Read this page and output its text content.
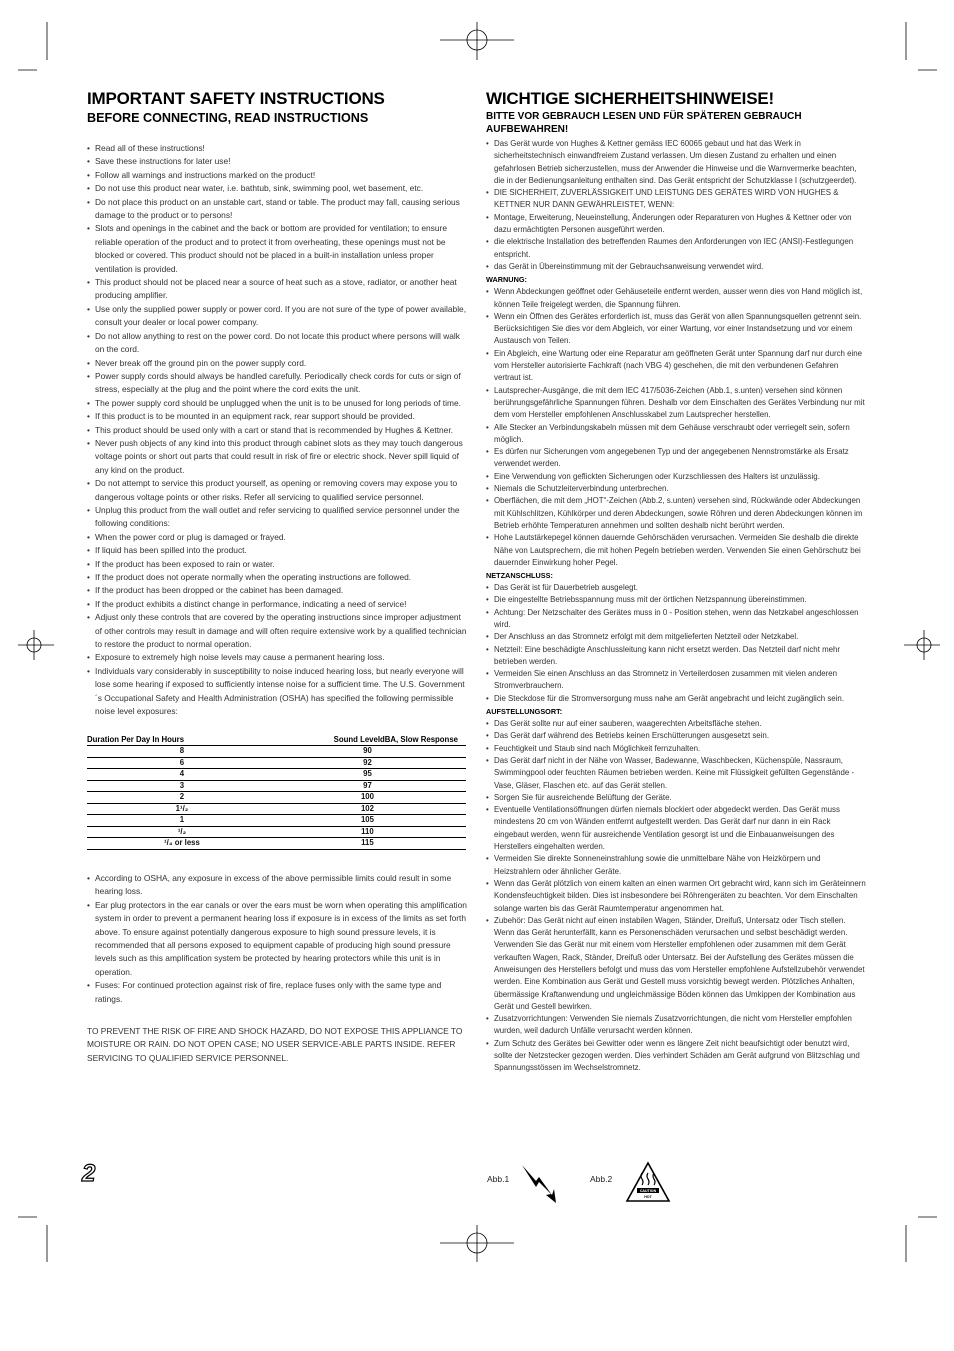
IMPORTANT SAFETY INSTRUCTIONS
BEFORE CONNECTING, READ INSTRUCTIONS
• Read all of these instructions!
• Save these instructions for later use!
• Follow all warnings and instructions marked on the product!
• Do not use this product near water, i.e. bathtub, sink, swimming pool, wet basement, etc.
• Do not place this product on an unstable cart, stand or table. The product may fall, causing serious damage to the product or to persons!
• Slots and openings in the cabinet and the back or bottom are provided for ventilation; to ensure reliable operation of the product and to protect it from overheating, these openings must not be blocked or covered. This product should not be placed in a built-in installation unless proper ventilation is provided.
• This product should not be placed near a source of heat such as a stove, radiator, or another heat producing amplifier.
• Use only the supplied power supply or power cord. If you are not sure of the type of power available, consult your dealer or local power company.
• Do not allow anything to rest on the power cord. Do not locate this product where persons will walk on the cord.
• Never break off the ground pin on the power supply cord.
• Power supply cords should always be handled carefully. Periodically check cords for cuts or sign of stress, especially at the plug and the point where the cord exits the unit.
• The power supply cord should be unplugged when the unit is to be unused for long periods of time.
• If this product is to be mounted in an equipment rack, rear support should be provided.
• This product should be used only with a cart or stand that is recommended by Hughes & Kettner.
• Never push objects of any kind into this product through cabinet slots as they may touch dangerous voltage points or short out parts that could result in risk of fire or electric shock. Never spill liquid of any kind on the product.
• Do not attempt to service this product yourself, as opening or removing covers may expose you to dangerous voltage points or other risks. Refer all servicing to qualified service personnel.
• Unplug this product from the wall outlet and refer servicing to qualified service personnel under the following conditions:
• When the power cord or plug is damaged or frayed.
• If liquid has been spilled into the product.
• If the product has been exposed to rain or water.
• If the product does not operate normally when the operating instructions are followed.
• If the product has been dropped or the cabinet has been damaged.
• If the product exhibits a distinct change in performance, indicating a need of service!
• Adjust only these controls that are covered by the operating instructions since improper adjustment of other controls may result in damage and will often require extensive work by a qualified technician to restore the product to normal operation.
• Exposure to extremely high noise levels may cause a permanent hearing loss.
• Individuals vary considerably in susceptibility to noise induced hearing loss, but nearly everyone will lose some hearing if exposed to sufficiently intense noise for a sufficient time. The U.S. Government´s Occupational Safety and Health Administration (OSHA) has specified the following permissible noise level exposures:
Duration Per Day In Hours	Sound LeveldBA, Slow Response
8	90
6	92
4	95
3	97
2	100
1¹/₂	102
1	105
¹/₂	110
¹/₄ or less	115
• According to OSHA, any exposure in excess of the above permissible limits could result in some hearing loss.
• Ear plug protectors in the ear canals or over the ears must be worn when operating this amplification system in order to prevent a permanent hearing loss if exposure is in excess of the limits as set forth above. To ensure against potentially dangerous exposure to high sound pressure levels, it is recommended that all persons exposed to equipment capable of producing high sound pressure levels such as this amplification system be protected by hearing protectors while this unit is in operation.
• Fuses: For continued protection against risk of fire, replace fuses only with the same type and ratings.
TO PREVENT THE RISK OF FIRE AND SHOCK HAZARD, DO NOT EXPOSE THIS APPLIANCE TO MOISTURE OR RAIN. DO NOT OPEN CASE; NO USER SERVICE-ABLE PARTS INSIDE. REFER SERVICING TO QUALIFIED SERVICE PERSONNEL.
WICHTIGE SICHERHEITSHINWEISE!
BITTE VOR GEBRAUCH LESEN UND FÜR SPÄTEREN GEBRAUCH AUFBEWAHREN!
• Das Gerät wurde von Hughes & Kettner gemäss IEC 60065 gebaut und hat das Werk in sicherheitstechnisch einwandfreiem Zustand verlassen. Um diesen Zustand zu erhalten und einen gefahrlosen Betrieb sicherzustellen, muss der Anwender die Hinweise und die Warnvermerke beachten, die in der Bedienungsanleitung enthalten sind. Das Gerät entspricht der Schutzklasse I (schutzgeerdet).
• DIE SICHERHEIT, ZUVERLÄSSIGKEIT UND LEISTUNG DES GERÄTES WIRD VON HUGHES & KETTNER NUR DANN GEWÄHRLEISTET, WENN:
• Montage, Erweiterung, Neueinstellung, Änderungen oder Reparaturen von Hughes & Kettner oder von dazu ermächtigten Personen ausgeführt werden.
• die elektrische Installation des betreffenden Raumes den Anforderungen von IEC (ANSI)-Festlegungen entspricht.
• das Gerät in Übereinstimmung mit der Gebrauchsanweisung verwendet wird.
WARNUNG:
• Wenn Abdeckungen geöffnet oder Gehäuseteile entfernt werden, ausser wenn dies von Hand möglich ist, können Teile freigelegt werden, die Spannung führen.
• Wenn ein Öffnen des Gerätes erforderlich ist, muss das Gerät von allen Spannungsquellen getrennt sein. Berücksichtigen Sie dies vor dem Abgleich, vor einer Wartung, vor einer Instandsetzung und vor einem Austausch von Teilen.
• Ein Abgleich, eine Wartung oder eine Reparatur am geöffneten Gerät unter Spannung darf nur durch eine vom Hersteller autorisierte Fachkraft (nach VBG 4) geschehen, die mit den verbundenen Gefahren vertraut ist.
• Lautsprecher-Ausgänge, die mit dem IEC 417/5036-Zeichen (Abb.1, s.unten) versehen sind können berührungsgefährliche Spannungen führen. Deshalb vor dem Einschalten des Gerätes Verbindung nur mit dem vom Hersteller empfohlenen Anschlusskabel zum Lautsprecher herstellen.
• Alle Stecker an Verbindungskabeln müssen mit dem Gehäuse verschraubt oder verriegelt sein, sofern möglich.
• Es dürfen nur Sicherungen vom angegebenen Typ und der angegebenen Nennstromstärke als Ersatz verwendet werden.
• Eine Verwendung von geflickten Sicherungen oder Kurzschliessen des Halters ist unzulässig.
• Niemals die Schutzleiterverbindung unterbrechen.
• Oberflächen, die mit dem „HOT“-Zeichen (Abb.2, s.unten) versehen sind, Rückwände oder Abdeckungen mit Kühlschlitzen, Kühlkörper und deren Abdeckungen, sowie Röhren und deren Abdeckungen können im Betrieb erhöhte Temperaturen annehmen und sollten deshalb nicht berührt werden.
• Hohe Lautstärkepegel können dauernde Gehörschäden verursachen. Vermeiden Sie deshalb die direkte Nähe von Lautsprechern, die mit hohen Pegeln betrieben werden. Verwenden Sie einen Gehörschutz bei dauernder Einwirkung hoher Pegel.
NETZANSCHLUSS:
• Das Gerät ist für Dauerbetrieb ausgelegt.
• Die eingestellte Betriebsspannung muss mit der örtlichen Netzspannung übereinstimmen.
• Achtung: Der Netzschalter des Gerätes muss in 0 - Position stehen, wenn das Netzkabel angeschlossen wird.
• Der Anschluss an das Stromnetz erfolgt mit dem mitgelieferten Netzteil oder Netzkabel.
• Netzteil: Eine beschädigte Anschlussleitung kann nicht ersetzt werden. Das Netzteil darf nicht mehr betrieben werden.
• Vermeiden Sie einen Anschluss an das Stromnetz in Verteilerdosen zusammen mit vielen anderen Stromverbrauchern.
• Die Steckdose für die Stromversorgung muss nahe am Gerät angebracht und leicht zugänglich sein.
AUFSTELLUNGSORT:
• Das Gerät sollte nur auf einer sauberen, waagerechten Arbeitsfläche stehen.
• Das Gerät darf während des Betriebs keinen Erschütterungen ausgesetzt sein.
• Feuchtigkeit und Staub sind nach Möglichkeit fernzuhalten.
• Das Gerät darf nicht in der Nähe von Wasser, Badewanne, Waschbecken, Küchenspüle, Nassraum, Swimmingpool oder feuchten Räumen betrieben werden. Keine mit Flüssigkeit gefüllten Gegenstände -Vase, Gläser, Flaschen etc. auf das Gerät stellen.
• Sorgen Sie für ausreichende Belüftung der Geräte.
• Eventuelle Ventilationsöffnungen dürfen niemals blockiert oder abgedeckt werden. Das Gerät muss mindestens 20 cm von Wänden entfernt aufgestellt werden. Das Gerät darf nur dann in ein Rack eingebaut werden, wenn für ausreichende Ventilation gesorgt ist und die Einbauanweisungen des Herstellers eingehalten werden.
• Vermeiden Sie direkte Sonneneinstrahlung sowie die unmittelbare Nähe von Heizkörpern und Heizstrahlern oder ähnlicher Geräte.
• Wenn das Gerät plötzlich von einem kalten an einen warmen Ort gebracht wird, kann sich im Geräteinnern Kondensfeuchtigkeit bilden. Dies ist insbesondere bei Röhrengeräten zu beachten. Vor dem Einschalten solange warten bis das Gerät Raumtemperatur angenommen hat.
• Zubehör: Das Gerät nicht auf einen instabilen Wagen, Ständer, Dreifuß, Untersatz oder Tisch stellen. Wenn das Gerät herunterfällt, kann es Personenschäden verursachen und selbst beschädigt werden. Verwenden Sie das Gerät nur mit einem vom Hersteller empfohlenen oder zusammen mit dem Gerät verkauften Wagen, Rack, Ständer, Dreifuß oder Untersatz. Bei der Aufstellung des Gerätes müssen die Anweisungen des Herstellers befolgt und muss das vom Hersteller empfohlene Aufstellzubehör verwendet werden. Eine Kombination aus Gerät und Gestell muss vorsichtig bewegt werden. Plötzliches Anhalten, übermässige Kraftanwendung und ungleichmässige Böden können das Umkippen der Kombination aus Gerät und Gestell bewirken.
• Zusatzvorrichtungen: Verwenden Sie niemals Zusatzvorrichtungen, die nicht vom Hersteller empfohlen wurden, weil dadurch Unfälle verursacht werden können.
• Zum Schutz des Gerätes bei Gewitter oder wenn es längere Zeit nicht beaufsichtigt oder benutzt wird, sollte der Netzstecker gezogen werden. Dies verhindert Schäden am Gerät aufgrund von Blitzschlag und Spannungsstössen im Wechselstromnetz.
2	Abb.1	Abb.2
CAUTION
HOT
